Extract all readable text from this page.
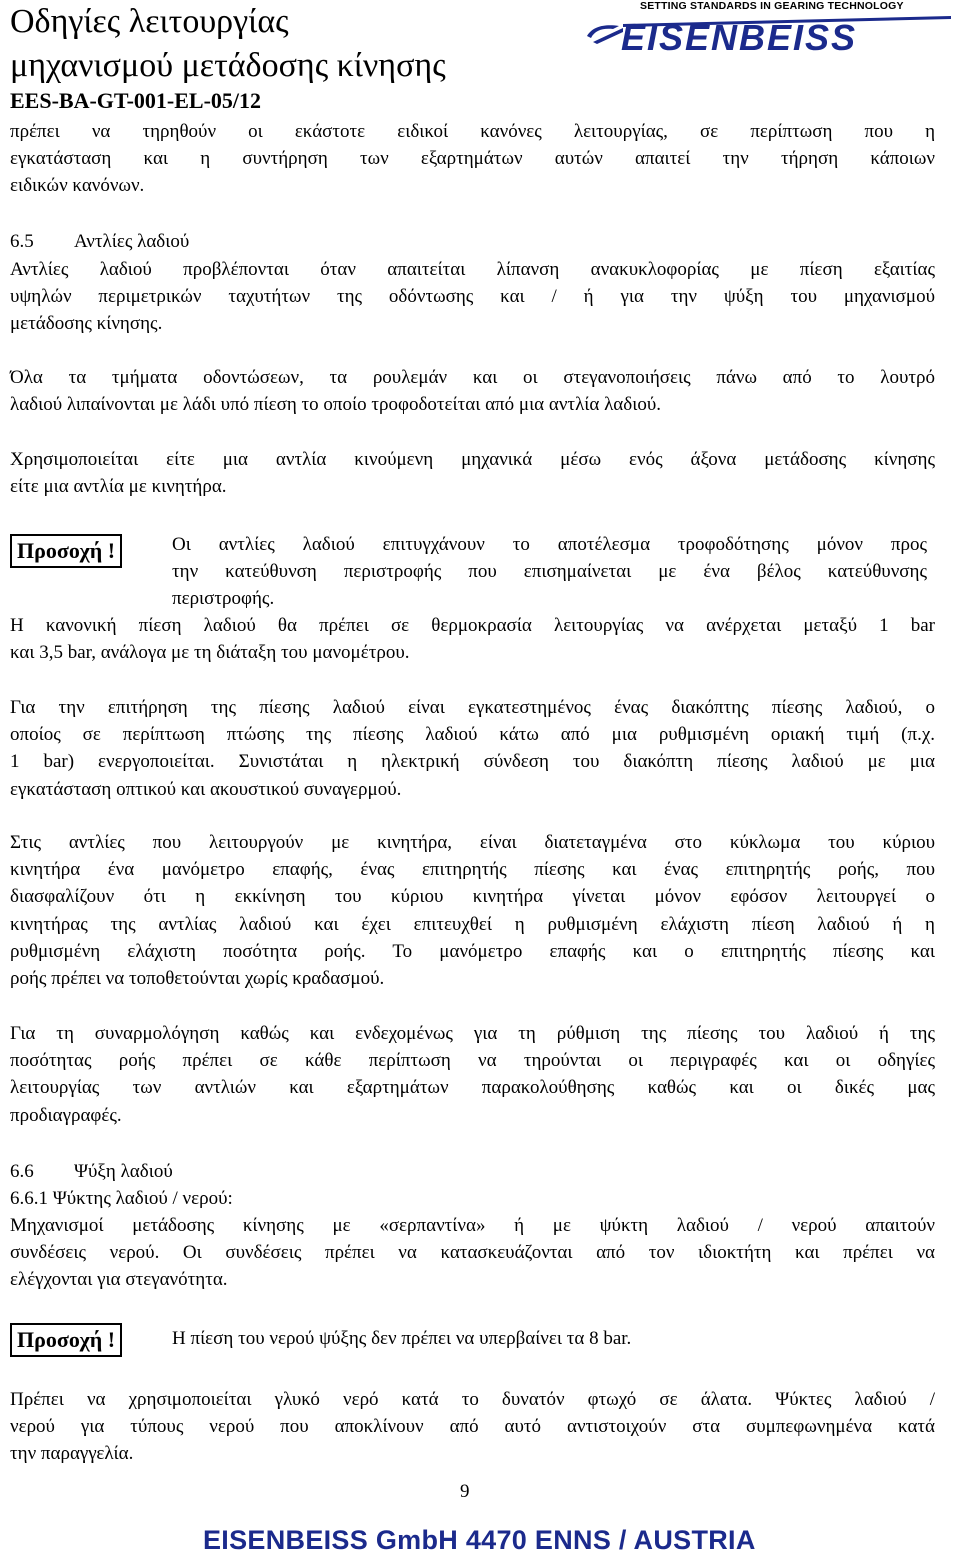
Οδηγίες λειτουργίας
μηχανισμού μετάδοσης κίνησης
EES-BA-GT-001-EL-05/12
SETTING STANDARDS IN GEARING TECHNOLOGY
EISENBEISS
πρέπει να τηρηθούν οι εκάστοτε ειδικοί κανόνες λειτουργίας, σε περίπτωση που η
εγκατάσταση και η συντήρηση των εξαρτημάτων αυτών απαιτεί την τήρηση κάποιων
ειδικών κανόνων.
6.5 Αντλίες λαδιού
Αντλίες λαδιού προβλέπονται όταν απαιτείται λίπανση ανακυκλοφορίας με πίεση εξαιτίας
υψηλών περιμετρικών ταχυτήτων της οδόντωσης και / ή για την ψύξη του μηχανισμού
μετάδοσης κίνησης.
Όλα τα τμήματα οδοντώσεων, τα ρουλεμάν και οι στεγανοποιήσεις πάνω από το λουτρό
λαδιού λιπαίνονται με λάδι υπό πίεση το οποίο τροφοδοτείται από μια αντλία λαδιού.
Χρησιμοποιείται είτε μια αντλία κινούμενη μηχανικά μέσω ενός άξονα μετάδοσης κίνησης
είτε μια αντλία με κινητήρα.
Προσοχή !	Οι αντλίες λαδιού επιτυγχάνουν το αποτέλεσμα τροφοδότησης μόνον προς
την κατεύθυνση περιστροφής που επισημαίνεται με ένα βέλος κατεύθυνσης
περιστροφής.
Η κανονική πίεση λαδιού θα πρέπει σε θερμοκρασία λειτουργίας να ανέρχεται μεταξύ 1 bar
και 3,5 bar, ανάλογα με τη διάταξη του μανομέτρου.
Για την επιτήρηση της πίεσης λαδιού είναι εγκατεστημένος ένας διακόπτης πίεσης λαδιού, ο
οποίος σε περίπτωση πτώσης της πίεσης λαδιού κάτω από μια ρυθμισμένη οριακή τιμή (π.χ.
1 bar) ενεργοποιείται. Συνιστάται η ηλεκτρική σύνδεση του διακόπτη πίεσης λαδιού με μια
εγκατάσταση οπτικού και ακουστικού συναγερμού.
Στις αντλίες που λειτουργούν με κινητήρα, είναι διατεταγμένα στο κύκλωμα του κύριου
κινητήρα ένα μανόμετρο επαφής, ένας επιτηρητής πίεσης και ένας επιτηρητής ροής, που
διασφαλίζουν ότι η εκκίνηση του κύριου κινητήρα γίνεται μόνον εφόσον λειτουργεί ο
κινητήρας της αντλίας λαδιού και έχει επιτευχθεί η ρυθμισμένη ελάχιστη πίεση λαδιού ή η
ρυθμισμένη ελάχιστη ποσότητα ροής. Το μανόμετρο επαφής και ο επιτηρητής πίεσης και
ροής πρέπει να τοποθετούνται χωρίς κραδασμού.
Για τη συναρμολόγηση καθώς και ενδεχομένως για τη ρύθμιση της πίεσης του λαδιού ή της
ποσότητας ροής πρέπει σε κάθε περίπτωση να τηρούνται οι περιγραφές και οι οδηγίες
λειτουργίας των αντλιών και εξαρτημάτων παρακολούθησης καθώς και οι δικές μας
προδιαγραφές.
6.6 Ψύξη λαδιού
6.6.1 Ψύκτης λαδιού / νερού:
Μηχανισμοί μετάδοσης κίνησης με «σερπαντίνα» ή με ψύκτη λαδιού / νερού απαιτούν
συνδέσεις νερού. Οι συνδέσεις πρέπει να κατασκευάζονται από τον ιδιοκτήτη και πρέπει να
ελέγχονται για στεγανότητα.
Προσοχή !	Η πίεση του νερού ψύξης δεν πρέπει να υπερβαίνει τα 8 bar.
Πρέπει να χρησιμοποιείται γλυκό νερό κατά το δυνατόν φτωχό σε άλατα. Ψύκτες λαδιού /
νερού για τύπους νερού που αποκλίνουν από αυτό αντιστοιχούν στα συμπεφωνημένα κατά
την παραγγελία.
9
EISENBEISS GmbH 4470 ENNS / AUSTRIA
